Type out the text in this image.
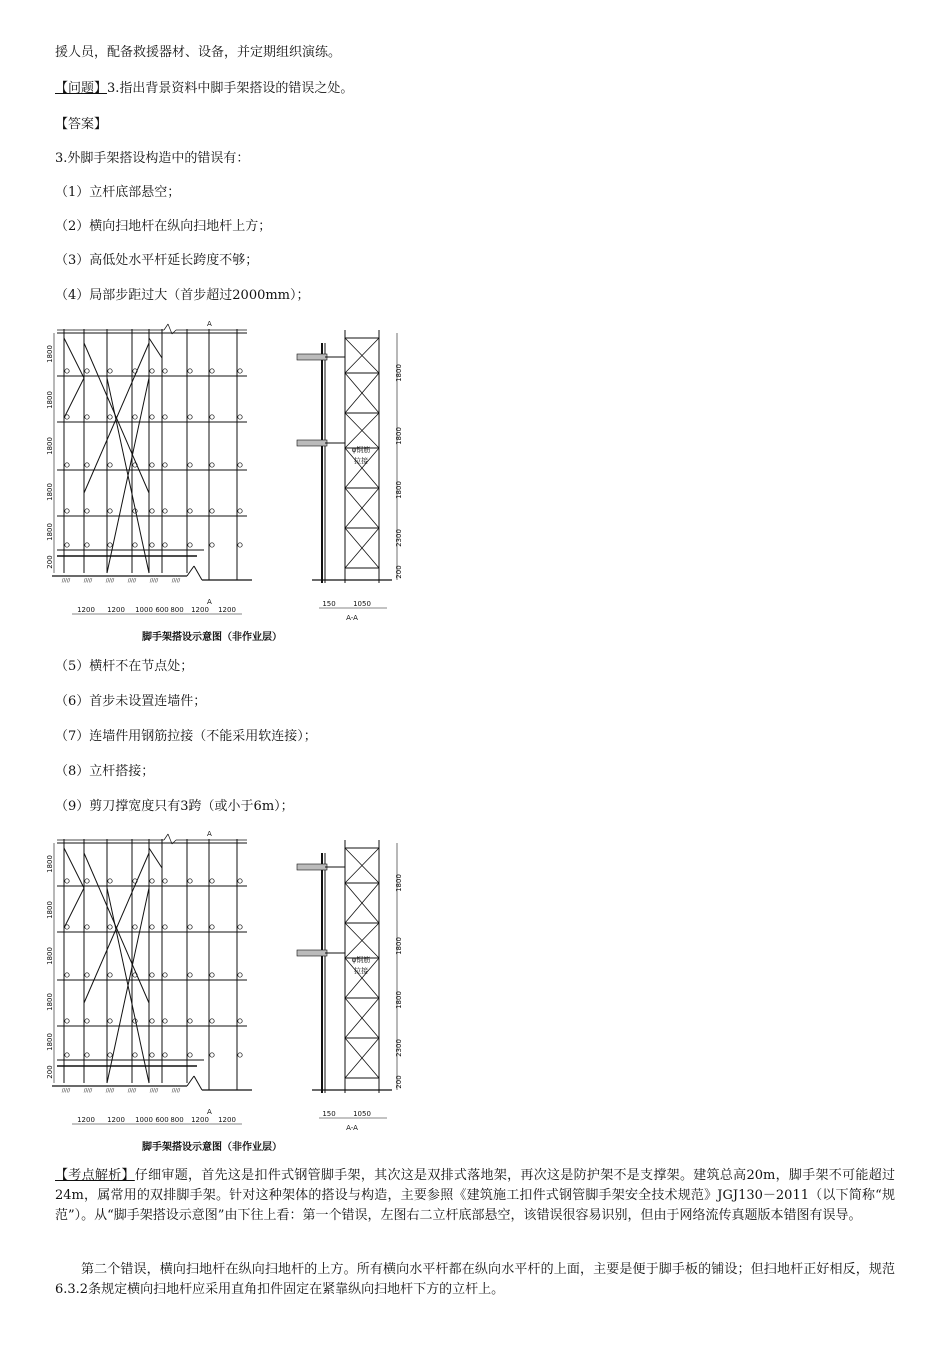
援人员，配备救援器材、设备，并定期组织演练。
【问题】3.指出背景资料中脚手架搭设的错误之处。
【答案】
3.外脚手架搭设构造中的错误有：
（1）立杆底部悬空；
（2）横向扫地杆在纵向扫地杆上方；
（3）高低处水平杆延长跨度不够；
（4）局部步距过大（首步超过2000mm）；
/////	/////	/////	/////	/////	/////
1800
1800
1800
1800
1800
200
A
A
1200 1200 1000 600 800 1200 1200
φ钢筋
拉接
1800
1800
1800
2300
200
150 1050
A-A
脚手架搭设示意图（非作业层）
（5）横杆不在节点处；
（6）首步未设置连墙件；
（7）连墙件用钢筋拉接（不能采用软连接）；
（8）立杆搭接；
（9）剪刀撑宽度只有3跨（或小于6m）；
/////	/////	/////	/////	/////	/////
1800
1800
1800
1800
1800
200
A
A
1200 1200 1000 600 800 1200 1200
φ钢筋
拉接
1800
1800
1800
2300
200
150 1050
A-A
脚手架搭设示意图（非作业层）
【考点解析】仔细审题，首先这是扣件式钢管脚手架，其次这是双排式落地架，再次这是防护架不是支撑架。建筑总高20m，脚手架不可能超过24m，属常用的双排脚手架。针对这种架体的搭设与构造，主要参照《建筑施工扣件式钢管脚手架安全技术规范》JGJ130－2011（以下简称“规范”）。从“脚手架搭设示意图”由下往上看：第一个错误，左图右二立杆底部悬空，该错误很容易识别，但由于网络流传真题版本错图有误导。
第二个错误，横向扫地杆在纵向扫地杆的上方。所有横向水平杆都在纵向水平杆的上面，主要是便于脚手板的铺设；但扫地杆正好相反，规范6.3.2条规定横向扫地杆应采用直角扣件固定在紧靠纵向扫地杆下方的立杆上。
